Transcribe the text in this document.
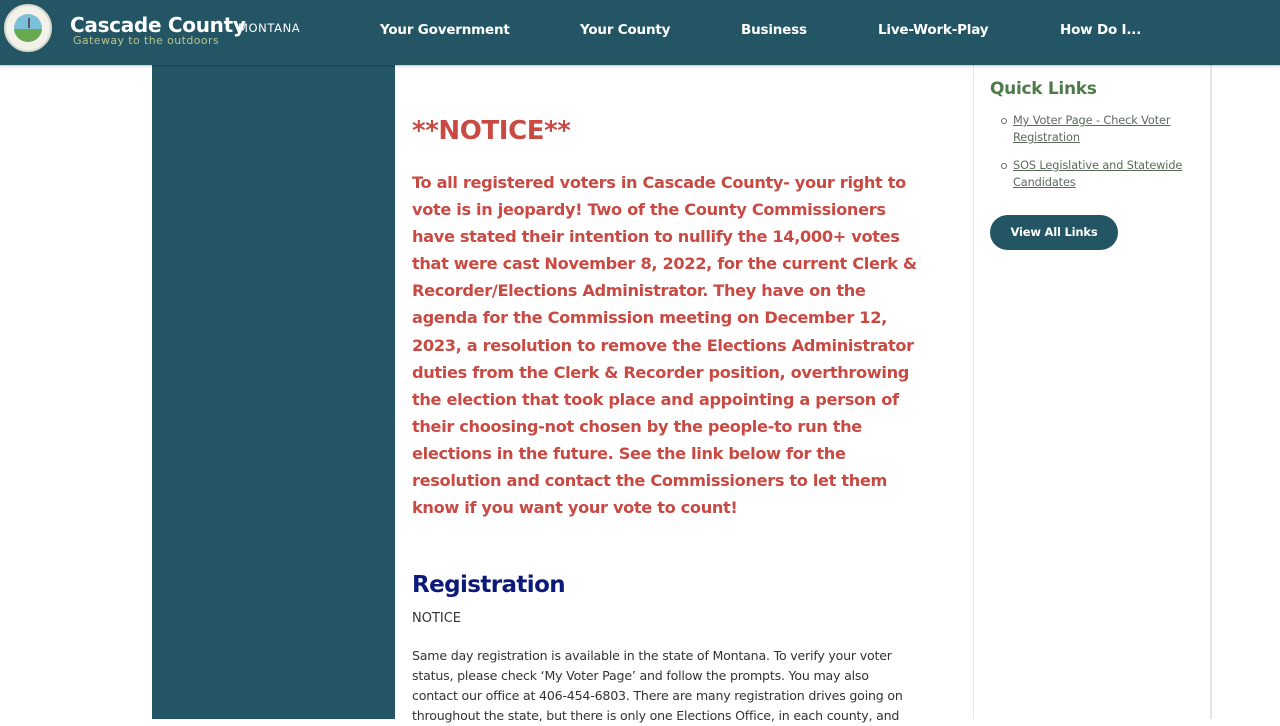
Cascade County
MONTANA
Gateway to the outdoors
Your Government	Your County	Business	Live-Work-Play	How Do I...
**NOTICE**
To all registered voters in Cascade County- your right to
vote is in jeopardy! Two of the County Commissioners
have stated their intention to nullify the 14,000+ votes
that were cast November 8, 2022, for the current Clerk &
Recorder/Elections Administrator. They have on the
agenda for the Commission meeting on December 12,
2023, a resolution to remove the Elections Administrator
duties from the Clerk & Recorder position, overthrowing
the election that took place and appointing a person of
their choosing-not chosen by the people-to run the
elections in the future. See the link below for the
resolution and contact the Commissioners to let them
know if you want your vote to count!
Registration
NOTICE
Same day registration is available in the state of Montana. To verify your voter
status, please check ‘My Voter Page’ and follow the prompts. You may also
contact our office at 406-454-6803. There are many registration drives going on
throughout the state, but there is only one Elections Office, in each county, and
Quick Links
My Voter Page - Check Voter
Registration
SOS Legislative and Statewide
Candidates
View All Links
